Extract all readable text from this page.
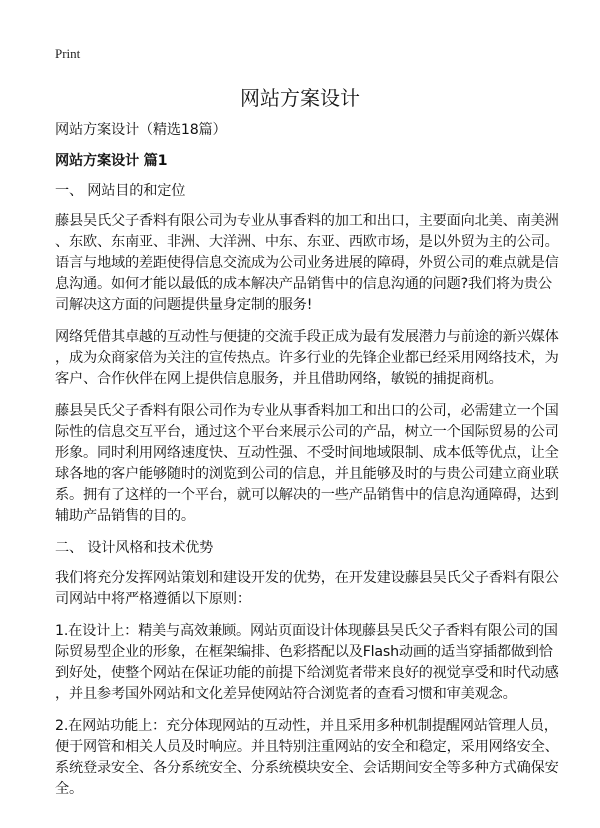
Print
网站方案设计
网站方案设计（精选18篇）
网站方案设计 篇1
一、 网站目的和定位
藤县吴氏父子香料有限公司为专业从事香料的加工和出口，主要面向北美、南美洲
、东欧、东南亚、非洲、大洋洲、中东、东亚、西欧市场，是以外贸为主的公司。
语言与地域的差距使得信息交流成为公司业务进展的障碍，外贸公司的难点就是信
息沟通。如何才能以最低的成本解决产品销售中的信息沟通的问题?我们将为贵公
司解决这方面的问题提供量身定制的服务!
网络凭借其卓越的互动性与便捷的交流手段正成为最有发展潜力与前途的新兴媒体
，成为众商家倍为关注的宣传热点。许多行业的先锋企业都已经采用网络技术，为
客户、合作伙伴在网上提供信息服务，并且借助网络，敏锐的捕捉商机。
藤县吴氏父子香料有限公司作为专业从事香料加工和出口的公司，必需建立一个国
际性的信息交互平台，通过这个平台来展示公司的产品，树立一个国际贸易的公司
形象。同时利用网络速度快、互动性强、不受时间地域限制、成本低等优点，让全
球各地的客户能够随时的浏览到公司的信息，并且能够及时的与贵公司建立商业联
系。拥有了这样的一个平台，就可以解决的一些产品销售中的信息沟通障碍，达到
辅助产品销售的目的。
二、 设计风格和技术优势
我们将充分发挥网站策划和建设开发的优势，在开发建设藤县吴氏父子香料有限公
司网站中将严格遵循以下原则：
1.在设计上：精美与高效兼顾。网站页面设计体现藤县吴氏父子香料有限公司的国
际贸易型企业的形象，在框架编排、色彩搭配以及Flash动画的适当穿插都做到恰
到好处，使整个网站在保证功能的前提下给浏览者带来良好的视觉享受和时代动感
，并且参考国外网站和文化差异使网站符合浏览者的查看习惯和审美观念。
2.在网站功能上：充分体现网站的互动性，并且采用多种机制提醒网站管理人员，
便于网管和相关人员及时响应。并且特别注重网站的安全和稳定，采用网络安全、
系统登录安全、各分系统安全、分系统模块安全、会话期间安全等多种方式确保安
全。
